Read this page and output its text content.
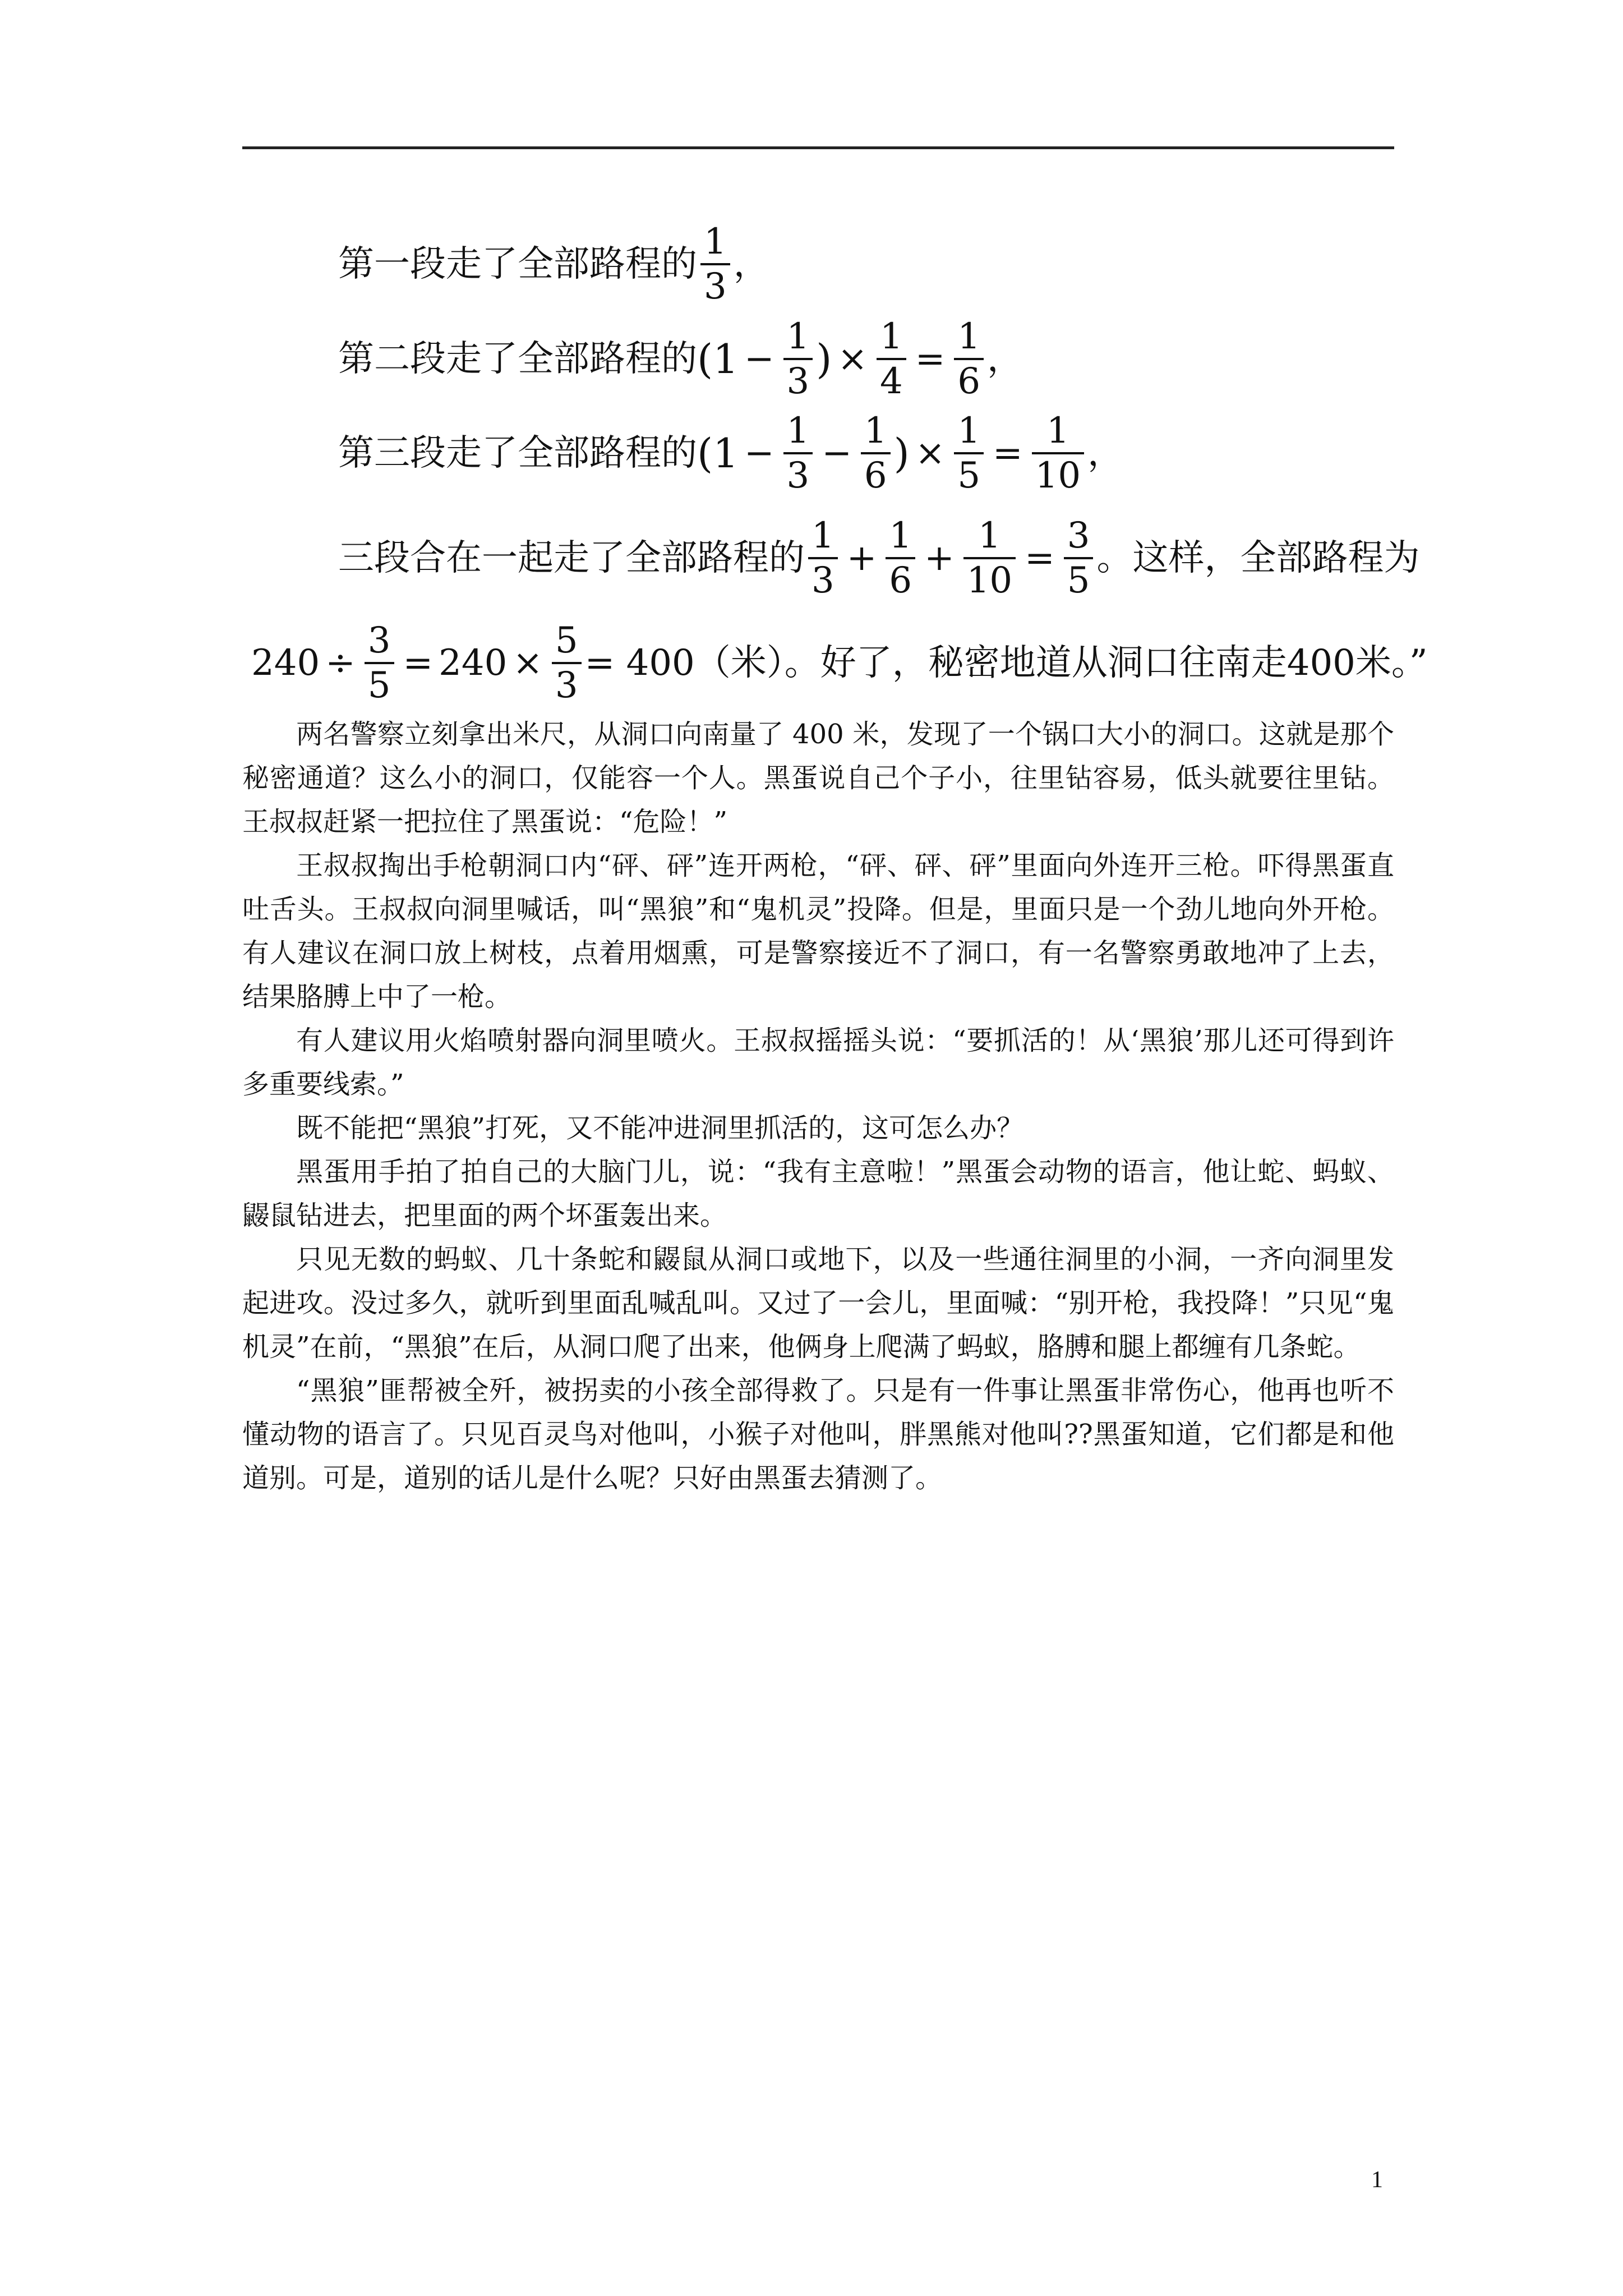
第一段走了全部路程的 $\frac{1}{3}$ ，
第二段走了全部路程的 ($1 - \frac{1}{3}$ ) × $\frac{1}{4} = \frac{1}{6}$ ，
第三段走了全部路程的 ($1 - \frac{1}{3} - \frac{1}{6}$ ) × $\frac{1}{5} = \frac{1}{10}$ ，
三段合在一起走了全部路程的 $\frac{1}{3} + \frac{1}{6} + \frac{1}{10} = \frac{3}{5}$ 。这样，全部路程为
$240 \div \frac{3}{5} = 240 \times \frac{5}{3} = 400$（米）。好了，秘密地道从洞口往南走400米。”

两名警察立刻拿出米尺，从洞口向南量了 400 米，发现了一个锅口大小的洞口。这就是那个秘密通道？这么小的洞口，仅能容一个人。黑蛋说自己个子小，往里钻容易，低头就要往里钻。王叔叔赶紧一把拉住了黑蛋说：“危险！”

王叔叔掏出手枪朝洞口内“砰、砰”连开两枪，“砰、砰、砰”里面向外连开三枪。吓得黑蛋直吐舌头。王叔叔向洞里喊话，叫“黑狼”和“鬼机灵”投降。但是，里面只是一个劲儿地向外开枪。有人建议在洞口放上树枝，点着用烟熏，可是警察接近不了洞口，有一名警察勇敢地冲了上去，结果胳膊上中了一枪。

有人建议用火焰喷射器向洞里喷火。王叔叔摇摇头说：“要抓活的！从‘黑狼’那儿还可得到许多重要线索。”

既不能把“黑狼”打死，又不能冲进洞里抓活的，这可怎么办？

黑蛋用手拍了拍自己的大脑门儿，说：“我有主意啦！”黑蛋会动物的语言，他让蛇、蚂蚁、鼹鼠钻进去，把里面的两个坏蛋轰出来。

只见无数的蚂蚁、几十条蛇和鼹鼠从洞口或地下，以及一些通往洞里的小洞，一齐向洞里发起进攻。没过多久，就听到里面乱喊乱叫。又过了一会儿，里面喊：“别开枪，我投降！”只见“鬼机灵”在前，“黑狼”在后，从洞口爬了出来，他俩身上爬满了蚂蚁，胳膊和腿上都缠有几条蛇。

“黑狼”匪帮被全歼，被拐卖的小孩全部得救了。只是有一件事让黑蛋非常伤心，他再也听不懂动物的语言了。只见百灵鸟对他叫，小猴子对他叫，胖黑熊对他叫??黑蛋知道，它们都是和他道别。可是，道别的话儿是什么呢？只好由黑蛋去猜测了。

1
